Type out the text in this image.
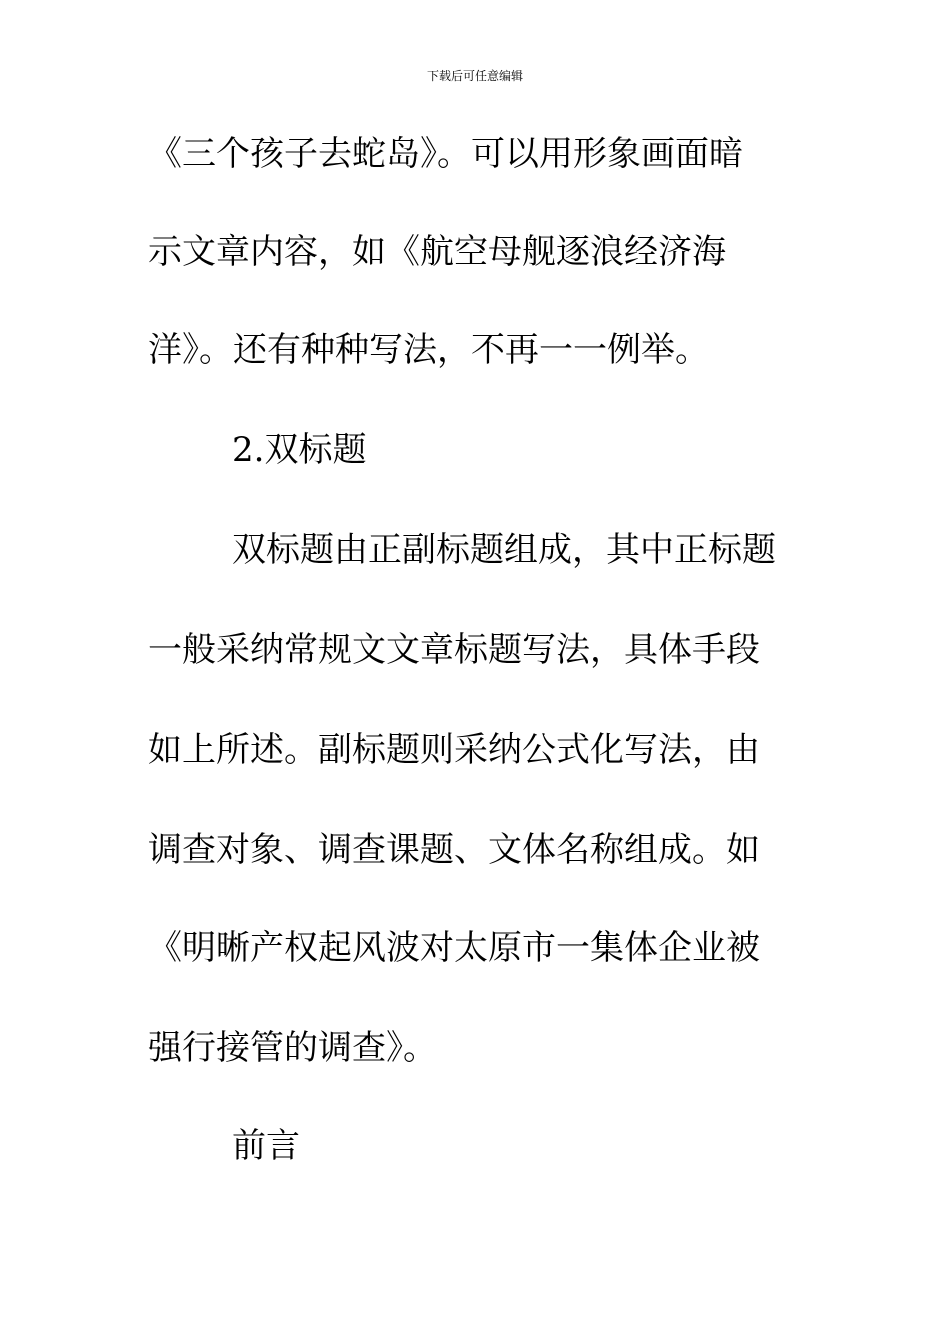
下载后可任意编辑
《三个孩子去蛇岛》。可以用形象画面暗
示文章内容，如《航空母舰逐浪经济海
洋》。还有种种写法，不再一一例举。
2.双标题
双标题由正副标题组成，其中正标题
一般采纳常规文文章标题写法，具体手段
如上所述。副标题则采纳公式化写法，由
调查对象、调查课题、文体名称组成。如
《明晰产权起风波对太原市一集体企业被
强行接管的调查》。
前言
